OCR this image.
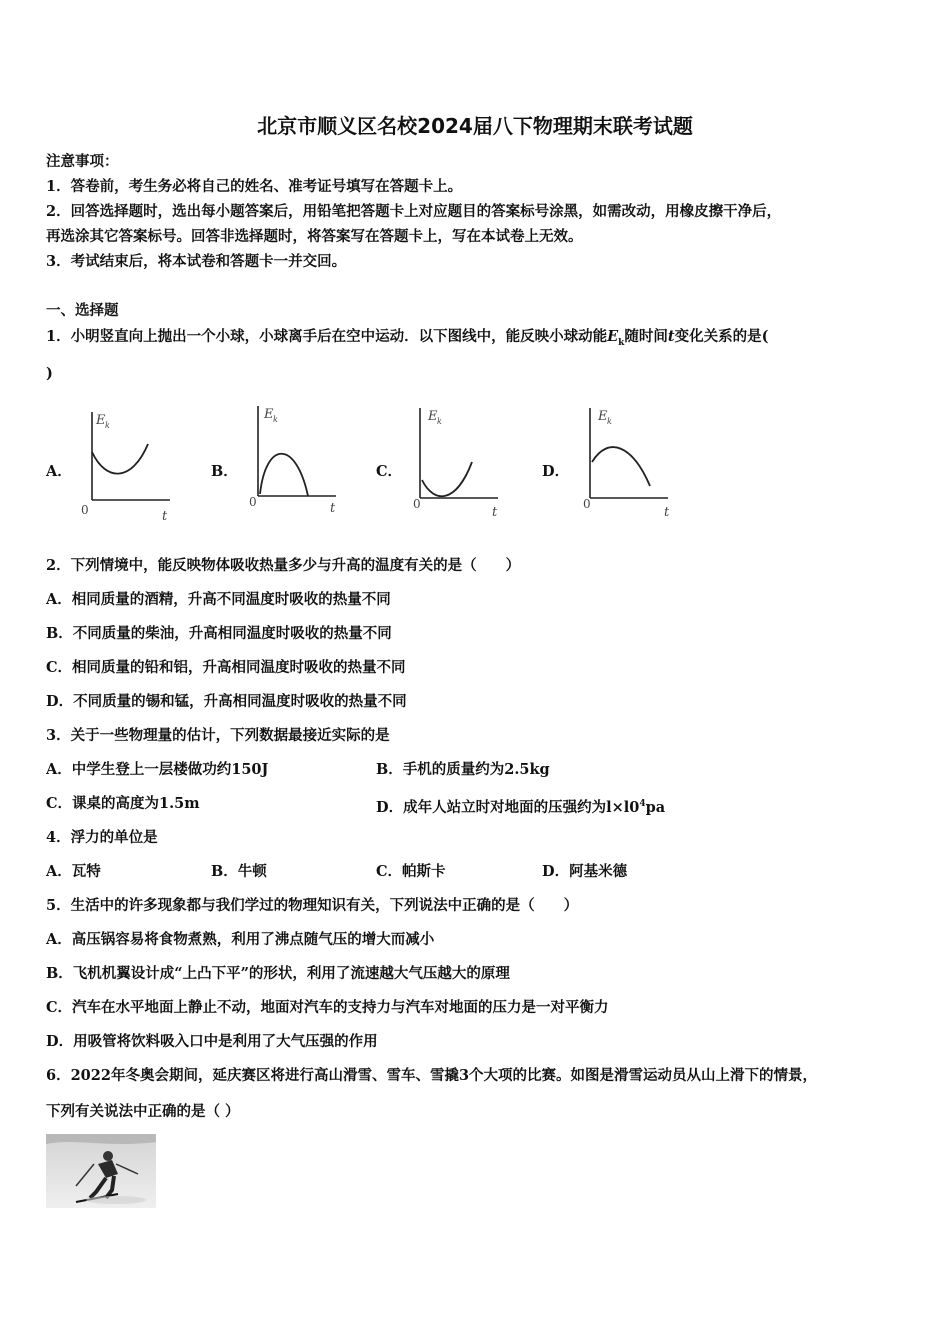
北京市顺义区名校2024届八下物理期末联考试题
注意事项：
1．答卷前，考生务必将自己的姓名、准考证号填写在答题卡上。
2．回答选择题时，选出每小题答案后，用铅笔把答题卡上对应题目的答案标号涂黑，如需改动，用橡皮擦干净后，
再选涂其它答案标号。回答非选择题时，将答案写在答题卡上，写在本试卷上无效。
3．考试结束后，将本试卷和答题卡一并交回。
一、选择题
1．小明竖直向上抛出一个小球，小球离手后在空中运动．以下图线中，能反映小球动能$E_k$随时间t变化关系的是(
)
A．
E k
0	t
B．
E k
0	t
C．
E k
0
t
D．
E k
0
t
2．下列情境中，能反映物体吸收热量多少与升高的温度有关的是（　　）
A．相同质量的酒精，升高不同温度时吸收的热量不同
B．不同质量的柴油，升高相同温度时吸收的热量不同
C．相同质量的铅和铝，升高相同温度时吸收的热量不同
D．不同质量的锡和锰，升高相同温度时吸收的热量不同
3．关于一些物理量的估计，下列数据最接近实际的是
A．中学生登上一层楼做功约150J	B．手机的质量约为2.5kg
C．课桌的高度为1.5m	D．成年人站立时对地面的压强约为$l\times l0^4pa$
4．浮力的单位是
A．瓦特	B．牛顿	C．帕斯卡	D．阿基米德
5．生活中的许多现象都与我们学过的物理知识有关，下列说法中正确的是（　　）
A．高压锅容易将食物煮熟，利用了沸点随气压的增大而减小
B．飞机机翼设计成“上凸下平”的形状，利用了流速越大气压越大的原理
C．汽车在水平地面上静止不动，地面对汽车的支持力与汽车对地面的压力是一对平衡力
D．用吸管将饮料吸入口中是利用了大气压强的作用
6．2022年冬奥会期间，延庆赛区将进行高山滑雪、雪车、雪撬3个大项的比赛。如图是滑雪运动员从山上滑下的情景，
下列有关说法中正确的是（ ）
